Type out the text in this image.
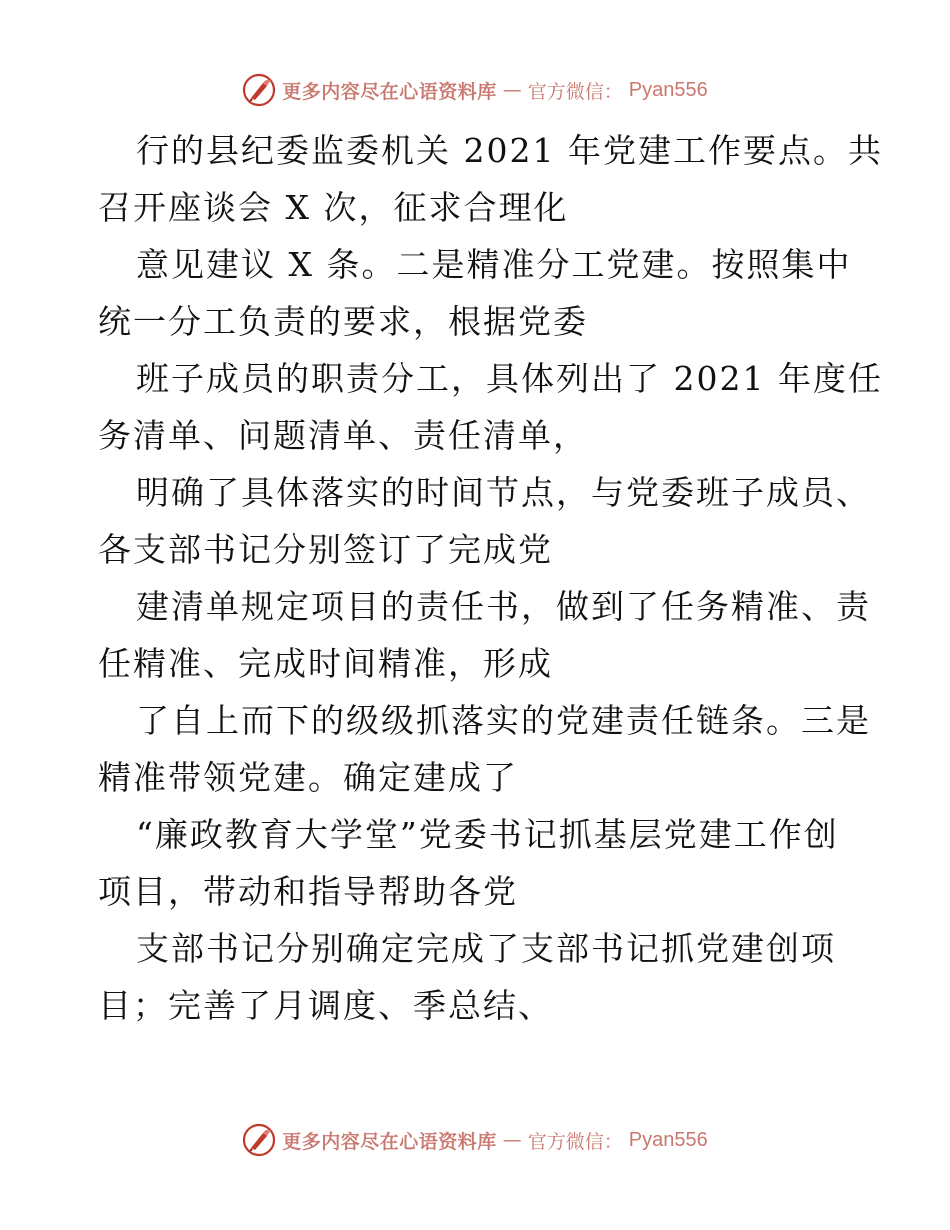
更多内容尽在心语资料库 — 官方微信： Pyan556
行的县纪委监委机关 2021 年党建工作要点。共
召开座谈会 X 次，征求合理化
意见建议 X 条。二是精准分工党建。按照集中
统一分工负责的要求，根据党委
班子成员的职责分工，具体列出了 2021 年度任
务清单、问题清单、责任清单，
明确了具体落实的时间节点，与党委班子成员、
各支部书记分别签订了完成党
建清单规定项目的责任书，做到了任务精准、责
任精准、完成时间精准，形成
了自上而下的级级抓落实的党建责任链条。三是
精准带领党建。确定建成了
“廉政教育大学堂”党委书记抓基层党建工作创
项目，带动和指导帮助各党
支部书记分别确定完成了支部书记抓党建创项
目；完善了月调度、季总结、
更多内容尽在心语资料库 — 官方微信： Pyan556
